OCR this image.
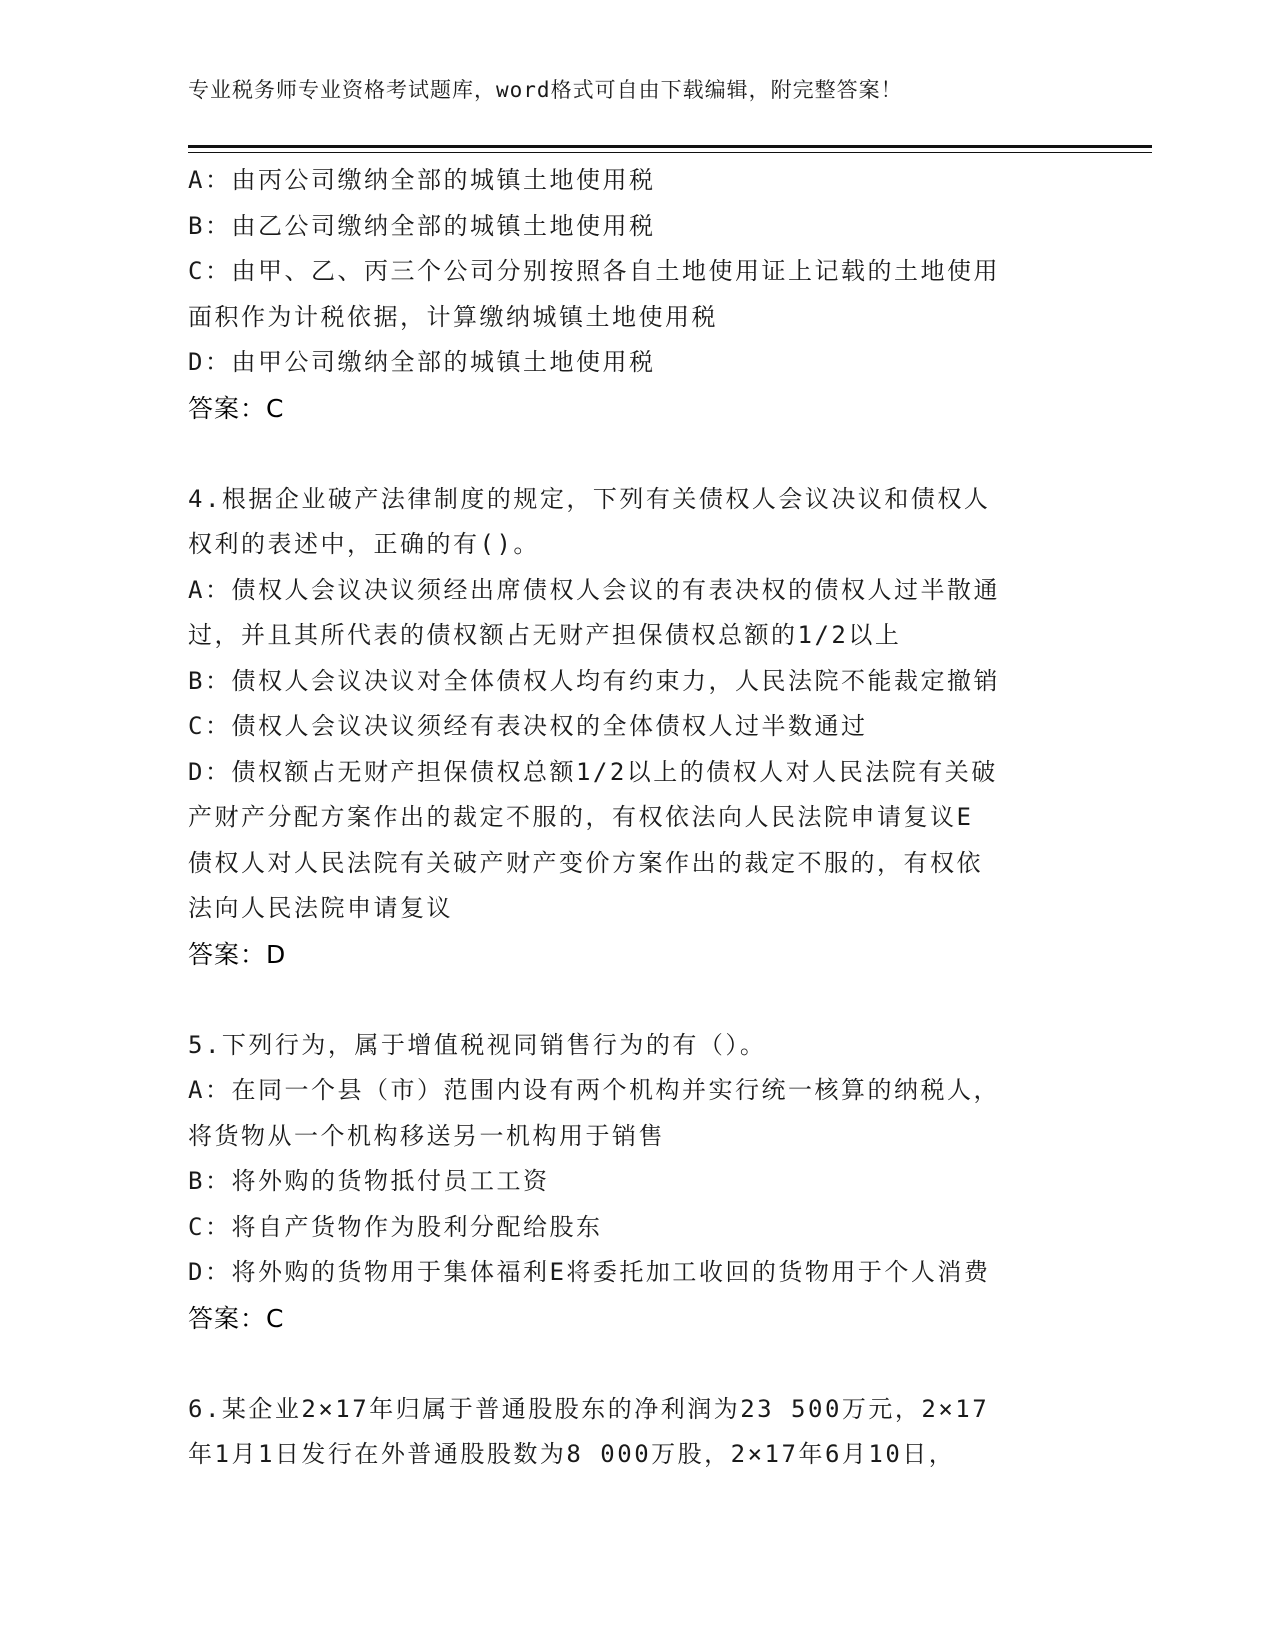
专业税务师专业资格考试题库，word格式可自由下载编辑，附完整答案！
A：由丙公司缴纳全部的城镇土地使用税
B：由乙公司缴纳全部的城镇土地使用税
C：由甲、乙、丙三个公司分别按照各自土地使用证上记载的土地使用
面积作为计税依据，计算缴纳城镇土地使用税
D：由甲公司缴纳全部的城镇土地使用税
答案：C
4.根据企业破产法律制度的规定，下列有关债权人会议决议和债权人
权利的表述中，正确的有()。
A：债权人会议决议须经出席债权人会议的有表决权的债权人过半散通
过，并且其所代表的债权额占无财产担保债权总额的1/2以上
B：债权人会议决议对全体债权人均有约束力，人民法院不能裁定撤销
C：债权人会议决议须经有表决权的全体债权人过半数通过
D：债权额占无财产担保债权总额1/2以上的债权人对人民法院有关破
产财产分配方案作出的裁定不服的，有权依法向人民法院申请复议E
债权人对人民法院有关破产财产变价方案作出的裁定不服的，有权依
法向人民法院申请复议
答案：D
5.下列行为，属于增值税视同销售行为的有（）。
A：在同一个县（市）范围内设有两个机构并实行统一核算的纳税人，
将货物从一个机构移送另一机构用于销售
B：将外购的货物抵付员工工资
C：将自产货物作为股利分配给股东
D：将外购的货物用于集体福利E将委托加工收回的货物用于个人消费
答案：C
6.某企业2×17年归属于普通股股东的净利润为23 500万元，2×17
年1月1日发行在外普通股股数为8 000万股，2×17年6月10日，
